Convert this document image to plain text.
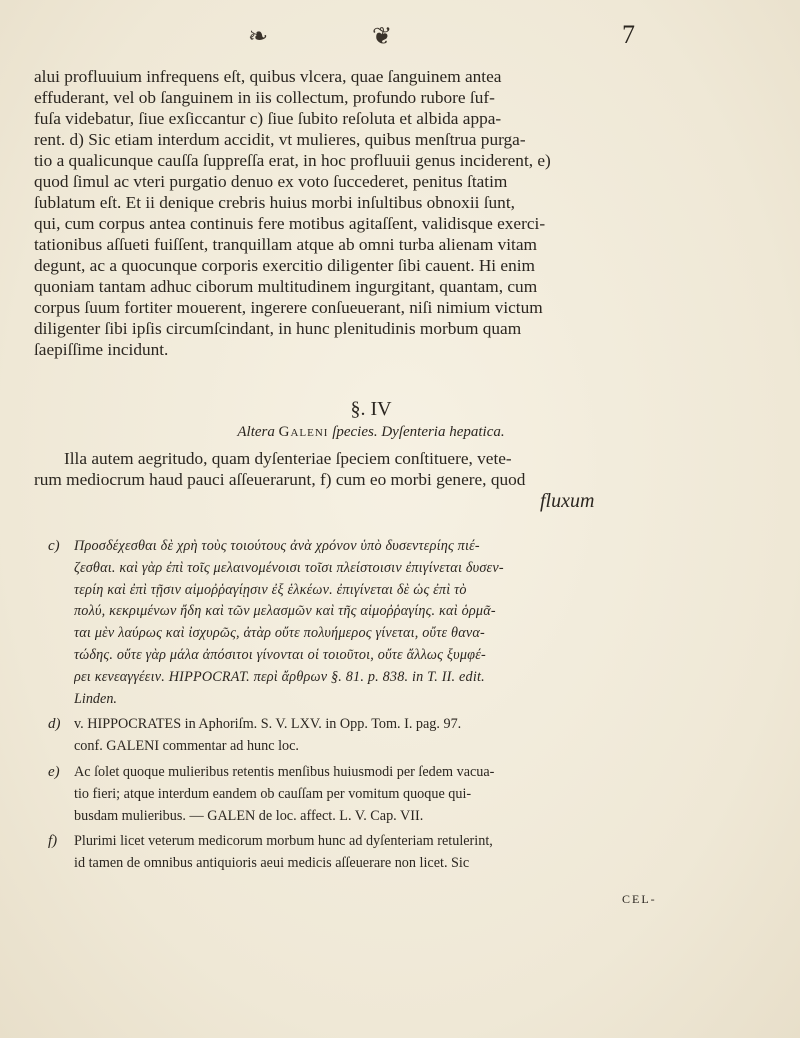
❧	❦	7
alui profluuium infrequens eſt, quibus vlcera, quae ſanguinem antea
effuderant, vel ob ſanguinem in iis collectum, profundo rubore ſuf-
fuſa videbatur, ſiue exſiccantur c) ſiue ſubito reſoluta et albida appa-
rent. d) Sic etiam interdum accidit, vt mulieres, quibus menſtrua purga-
tio a qualicunque cauſſa ſuppreſſa erat, in hoc profluuii genus inciderent, e)
quod ſimul ac vteri purgatio denuo ex voto ſuccederet, penitus ſtatim
ſublatum eſt. Et ii denique crebris huius morbi inſultibus obnoxii ſunt,
qui, cum corpus antea continuis fere motibus agitaſſent, validisque exerci-
tationibus aſſueti fuiſſent, tranquillam atque ab omni turba alienam vitam
degunt, ac a quocunque corporis exercitio diligenter ſibi cauent. Hi enim
quoniam tantam adhuc ciborum multitudinem ingurgitant, quantam, cum
corpus ſuum fortiter mouerent, ingerere conſueuerant, niſi nimium victum
diligenter ſibi ipſis circumſcindant, in hunc plenitudinis morbum quam
ſaepiſſime incidunt.
§. IV
Altera Galeni ſpecies. Dyſenteria hepatica.
Illa autem aegritudo, quam dyſenteriae ſpeciem conſtituere, vete-
rum mediocrum haud pauci aſſeuerarunt, f) cum eo morbi genere, quod
fluxum
c) Προσδέχεσθαι δὲ χρὴ τοὺς τοιούτους ἀνὰ χρόνον ὑπὸ δυσεντερίης πιέ-
ζεσθαι. καὶ γὰρ ἐπὶ τοῖς μελαινομένοισι τοῖσι πλείστοισιν ἐπιγίνεται δυσεν-
τερίη καὶ ἐπὶ τῇσιν αἱμοῤῥαγίῃσιν ἐξ ἑλκέων. ἐπιγίνεται δὲ ὡς ἐπὶ τὸ
πολύ, κεκριμένων ἤδη καὶ τῶν μελασμῶν καὶ τῆς αἱμοῤῥαγίης. καὶ ὁρμᾶ-
ται μὲν λαύρως καὶ ἰσχυρῶς, ἀτὰρ οὔτε πολυήμερος γίνεται, οὔτε θανα-
τώδης. οὔτε γὰρ μάλα ἀπόσιτοι γίνονται οἱ τοιοῦτοι, οὔτε ἄλλως ξυμφέ-
ρει κενεαγγέειν. HIPPOCRAT. περὶ ἄρθρων §. 81. p. 838. in T. II. edit.
Linden.
d) v. HIPPOCRATES in Aphoriſm. S. V. LXV. in Opp. Tom. I. pag. 97.
conf. GALENI commentar ad hunc loc.
e) Ac ſolet quoque mulieribus retentis menſibus huiusmodi per ſedem vacua-
tio fieri; atque interdum eandem ob cauſſam per vomitum quoque qui-
busdam mulieribus. — GALEN de loc. affect. L. V. Cap. VII.
f) Plurimi licet veterum medicorum morbum hunc ad dyſenteriam retulerint,
id tamen de omnibus antiquioris aeui medicis aſſeuerare non licet. Sic
CEL-
